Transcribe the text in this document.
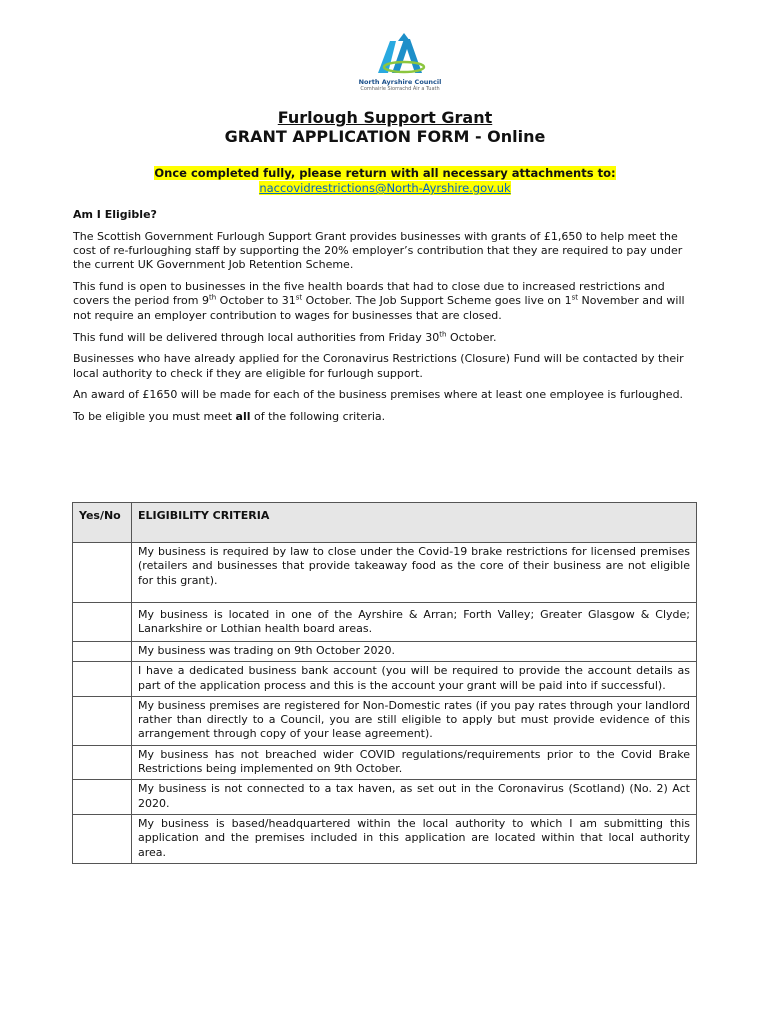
North Ayrshire Council
Comhairle Siorrachd Àir a Tuath
Furlough Support Grant
GRANT APPLICATION FORM - Online
Once completed fully, please return with all necessary attachments to:
naccovidrestrictions@North-Ayrshire.gov.uk

Am I Eligible?

The Scottish Government Furlough Support Grant provides businesses with grants of £1,650 to help meet the cost of re-furloughing staff by supporting the 20% employer’s contribution that they are required to pay under the current UK Government Job Retention Scheme.

This fund is open to businesses in the five health boards that had to close due to increased restrictions and covers the period from 9th October to 31st October. The Job Support Scheme goes live on 1st November and will not require an employer contribution to wages for businesses that are closed.

This fund will be delivered through local authorities from Friday 30th October.

Businesses who have already applied for the Coronavirus Restrictions (Closure) Fund will be contacted by their local authority to check if they are eligible for furlough support.

An award of £1650 will be made for each of the business premises where at least one employee is furloughed.

To be eligible you must meet all of the following criteria.

Yes/No	ELIGIBILITY CRITERIA
	My business is required by law to close under the Covid-19 brake restrictions for licensed premises (retailers and businesses that provide takeaway food as the core of their business are not eligible for this grant).
	My business is located in one of the Ayrshire & Arran; Forth Valley; Greater Glasgow & Clyde; Lanarkshire or Lothian health board areas.
	My business was trading on 9th October 2020.
	I have a dedicated business bank account (you will be required to provide the account details as part of the application process and this is the account your grant will be paid into if successful).
	My business premises are registered for Non-Domestic rates (if you pay rates through your landlord rather than directly to a Council, you are still eligible to apply but must provide evidence of this arrangement through copy of your lease agreement).
	My business has not breached wider COVID regulations/requirements prior to the Covid Brake Restrictions being implemented on 9th October.
	My business is not connected to a tax haven, as set out in the Coronavirus (Scotland) (No. 2) Act 2020.
	My business is based/headquartered within the local authority to which I am submitting this application and the premises included in this application are located within that local authority area.
